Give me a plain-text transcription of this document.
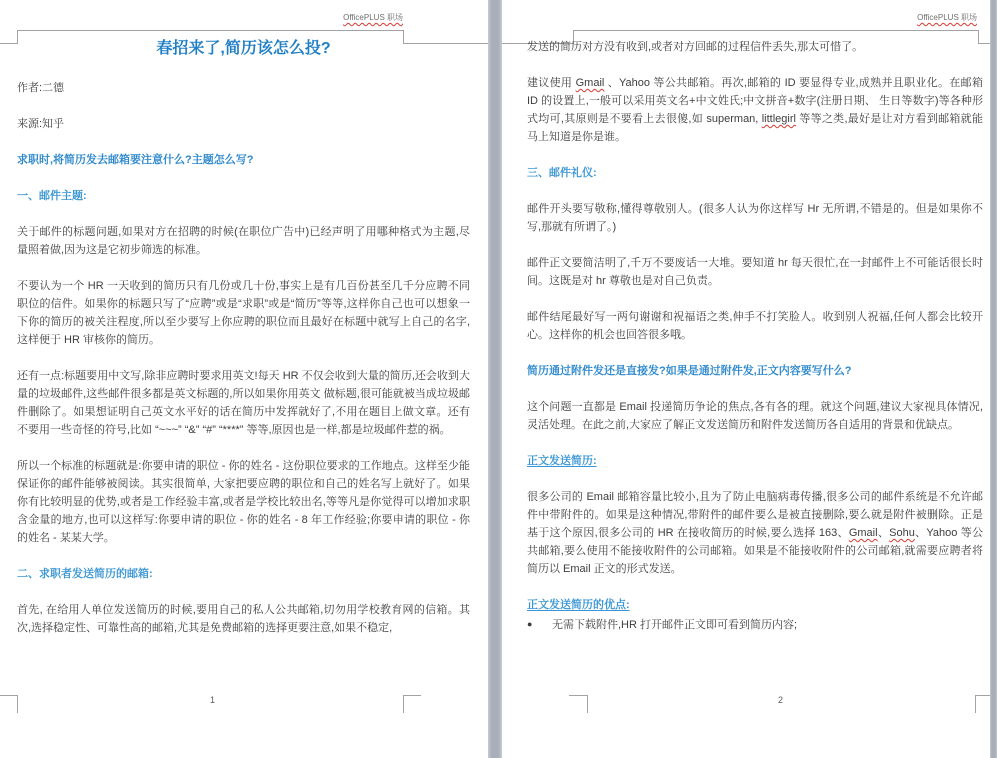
OfficePLUS 职场

春招来了,简历该怎么投?

作者:二德

来源:知乎

求职时,将简历发去邮箱要注意什么?主题怎么写?

一、邮件主题:

关于邮件的标题问题,如果对方在招聘的时候(在职位广告中)已经声明了用哪种格式为主题,尽量照着做,因为这是它初步筛选的标准。

不要认为一个 HR 一天收到的简历只有几份或几十份,事实上是有几百份甚至几千分应聘不同职位的信件。如果你的标题只写了“应聘”或是“求职”或是“简历”等等,这样你自己也可以想象一下你的简历的被关注程度,所以至少要写上你应聘的职位而且最好在标题中就写上自己的名字, 这样便于 HR 审核你的简历。

还有一点:标题要用中文写,除非应聘时要求用英文!每天 HR 不仅会收到大量的简历,还会收到大量的垃圾邮件,这些邮件很多都是英文标题的,所以如果你用英文 做标题,很可能就被当成垃圾邮件删除了。如果想证明自己英文水平好的话在简历中发挥就好了,不用在题目上做文章。还有不要用一些奇怪的符号,比如 “~~~” “&” “#” “****” 等等,原因也是一样,都是垃圾邮件惹的祸。

所以一个标准的标题就是:你要申请的职位 - 你的姓名 - 这份职位要求的工作地点。这样至少能保证你的邮件能够被阅读。其实很简单, 大家把要应聘的职位和自己的姓名写上就好了。如果你有比较明显的优势,或者是工作经验丰富,或者是学校比较出名,等等凡是你觉得可以增加求职含金量的地方,也可以这样写:你要申请的职位 - 你的姓名 - 8 年工作经验;你要申请的职位 - 你的姓名 - 某某大学。

二、求职者发送简历的邮箱:

首先, 在给用人单位发送简历的时候,要用自己的私人公共邮箱,切勿用学校教育网的信箱。其次,选择稳定性、可靠性高的邮箱,尤其是免费邮箱的选择更要注意,如果不稳定,

1
OfficePLUS 职场

发送的简历对方没有收到,或者对方回邮的过程信件丢失,那太可惜了。

建议使用 Gmail 、Yahoo 等公共邮箱。再次,邮箱的 ID 要显得专业,成熟并且职业化。在邮箱 ID 的设置上,一般可以采用英文名+中文姓氏;中文拼音+数字(注册日期、 生日等数字)等各种形式均可,其原则是不要看上去很傻,如 superman, littlegirl 等等之类,最好是让对方看到邮箱就能马上知道是你是谁。

三、邮件礼仪:

邮件开头要写敬称,懂得尊敬别人。(很多人认为你这样写 Hr 无所谓,不错是的。但是如果你不写,那就有所谓了。)

邮件正文要简洁明了,千万不要废话一大堆。要知道 hr 每天很忙,在一封邮件上不可能话很长时间。这既是对 hr 尊敬也是对自己负责。

邮件结尾最好写一两句谢谢和祝福语之类,伸手不打笑脸人。收到别人祝福,任何人都会比较开心。这样你的机会也回答很多哦。

简历通过附件发还是直接发?如果是通过附件发,正文内容要写什么?

这个问题一直都是 Email 投递简历争论的焦点,各有各的理。就这个问题,建议大家视具体情况,灵活处理。在此之前,大家应了解正文发送简历和附件发送简历各自适用的背景和优缺点。

正文发送简历:

很多公司的 Email 邮箱容量比较小,且为了防止电脑病毒传播,很多公司的邮件系统是不允许邮件中带附件的。如果是这种情况,带附件的邮件要么是被直接删除,要么就是附件被删除。正是基于这个原因,很多公司的 HR 在接收简历的时候,要么选择 163、Gmail、Sohu、Yahoo 等公共邮箱,要么使用不能接收附件的公司邮箱。如果是不能接收附件的公司邮箱,就需要应聘者将简历以 Email 正文的形式发送。

正文发送简历的优点:

● 无需下载附件,HR 打开邮件正文即可看到简历内容;

2
